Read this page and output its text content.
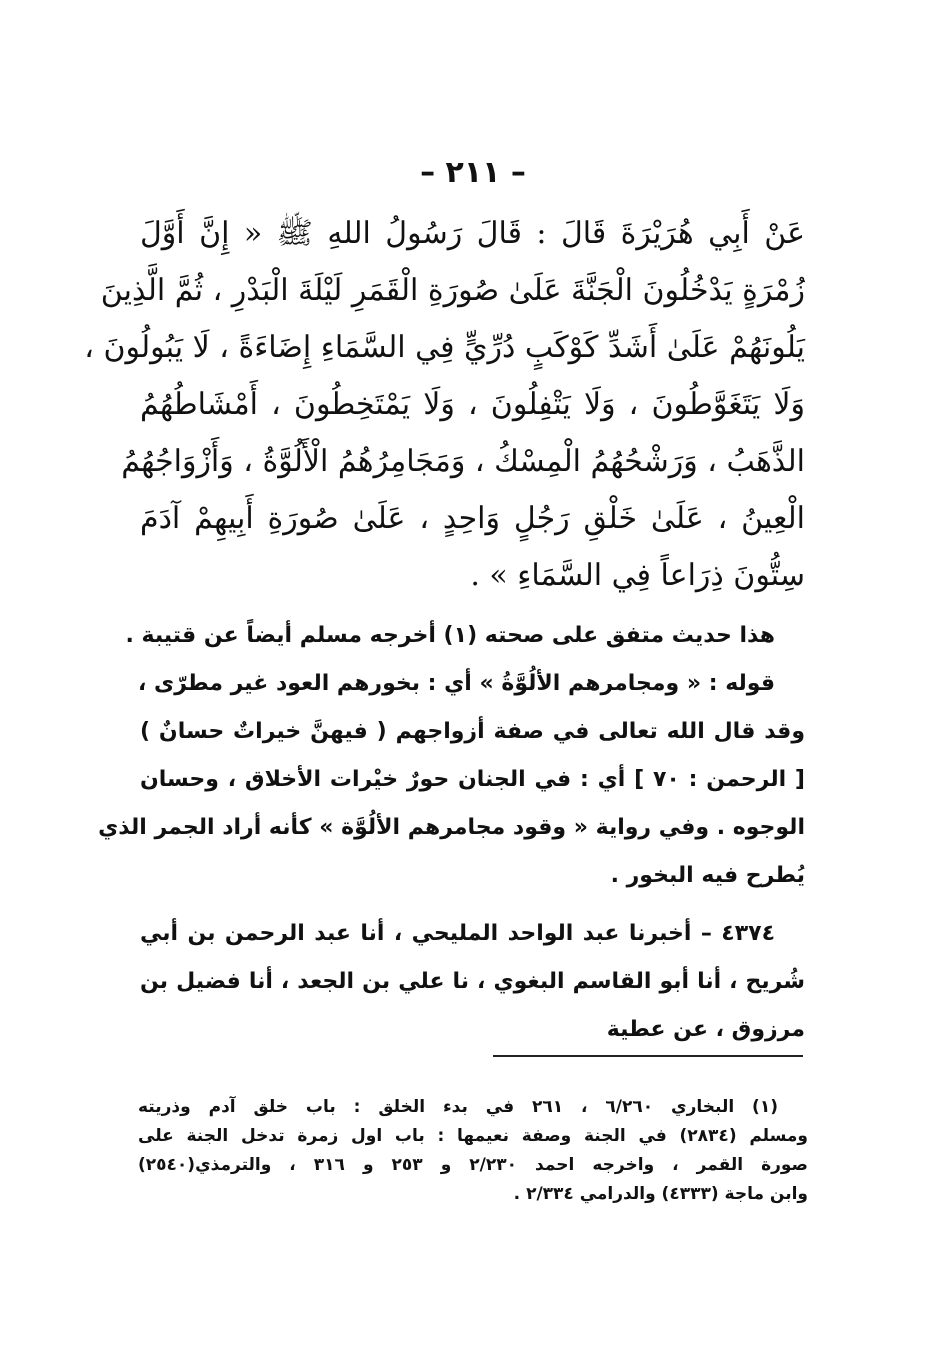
– ٢١١ –
عَنْ أَبِي هُرَيْرَةَ قَالَ : قَالَ رَسُولُ اللهِ ﷺ « إِنَّ أَوَّلَ
زُمْرَةٍ يَدْخُلُونَ الْجَنَّةَ عَلَىٰ صُورَةِ الْقَمَرِ لَيْلَةَ الْبَدْرِ ، ثُمَّ الَّذِينَ
يَلُونَهُمْ عَلَىٰ أَشَدِّ كَوْكَبٍ دُرِّيٍّ فِي السَّمَاءِ إِضَاءَةً ، لَا يَبُولُونَ ،
وَلَا يَتَغَوَّطُونَ ، وَلَا يَتْفِلُونَ ، وَلَا يَمْتَخِطُونَ ، أَمْشَاطُهُمُ
الذَّهَبُ ، وَرَشْحُهُمُ الْمِسْكُ ، وَمَجَامِرُهُمُ الْأَلُوَّةُ ، وَأَزْوَاجُهُمُ
الْعِينُ ، عَلَىٰ خَلْقِ رَجُلٍ وَاحِدٍ ، عَلَىٰ صُورَةِ أَبِيهِمْ آدَمَ
سِتُّونَ ذِرَاعاً فِي السَّمَاءِ » .
هذا حديث متفق على صحته (١) أخرجه مسلم أيضاً عن قتيبة .
قوله : « ومجامرهم الألُوَّةُ » أي : بخورهم العود غير مطرّى ،
وقد قال الله تعالى في صفة أزواجهم ( فيهنَّ خيراتٌ حسانٌ )
[ الرحمن : ٧٠ ] أي : في الجنان حورٌ خيْرات الأخلاق ، وحسان
الوجوه . وفي رواية « وقود مجامرهم الألُوَّة » كأنه أراد الجمر الذي
يُطرح فيه البخور .
٤٣٧٤ – أخبرنا عبد الواحد المليحي ، أنا عبد الرحمن بن أبي
شُريح ، أنا أبو القاسم البغوي ، نا علي بن الجعد ، أنا فضيل بن
مرزوق ، عن عطية
(١) البخاري ٦/٢٦٠ ، ٢٦١ في بدء الخلق : باب خلق آدم وذريته
ومسلم (٢٨٣٤) في الجنة وصفة نعيمها : باب اول زمرة تدخل الجنة على
صورة القمر ، واخرجه احمد ٢/٢٣٠ و ٢٥٣ و ٣١٦ ، والترمذي(٢٥٤٠)
وابن ماجة (٤٣٣٣) والدرامي ٢/٣٣٤ .
